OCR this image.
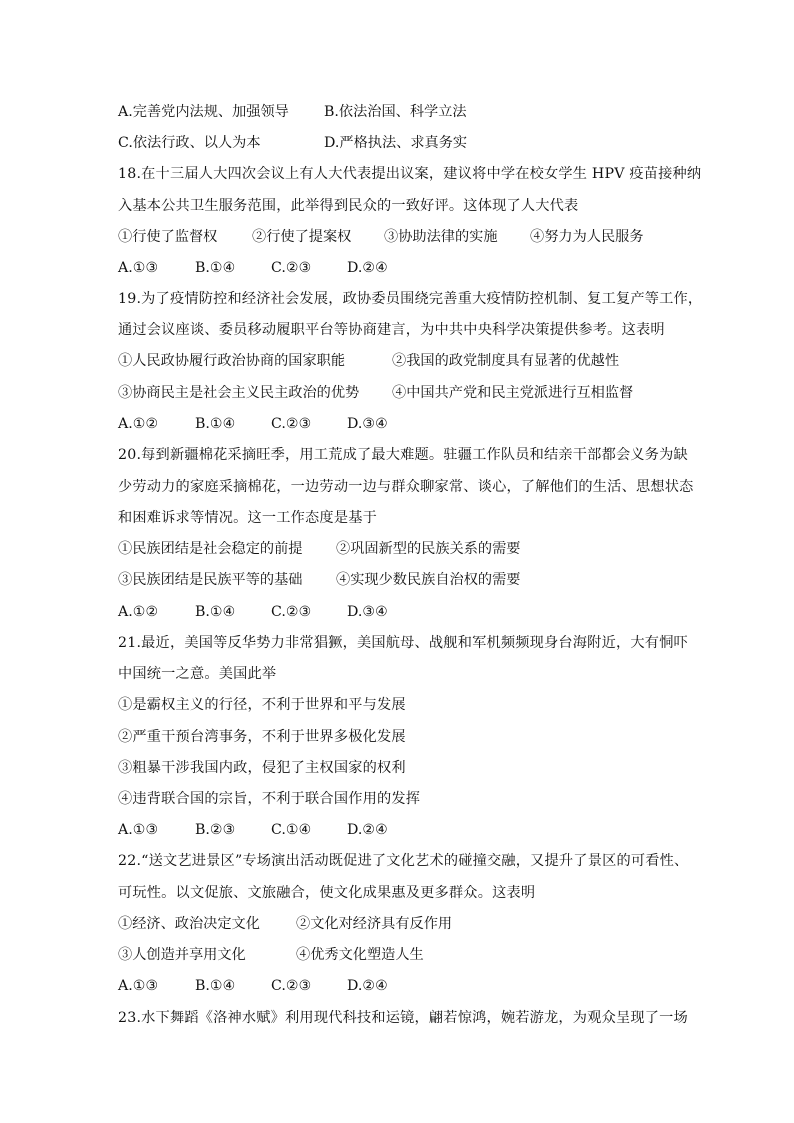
A.完善党内法规、加强领导 B.依法治国、科学立法
C.依法行政、以人为本	D.严格执法、求真务实
18.在十三届人大四次会议上有人大代表提出议案，建议将中学在校女学生 HPV 疫苗接种纳
入基本公共卫生服务范围，此举得到民众的一致好评。这体现了人大代表
①行使了监督权 ②行使了提案权 ③协助法律的实施 ④努力为人民服务
A.①③	B.①④	C.②③	D.②④
19.为了疫情防控和经济社会发展，政协委员围绕完善重大疫情防控机制、复工复产等工作，
通过会议座谈、委员移动履职平台等协商建言，为中共中央科学决策提供参考。这表明
①人民政协履行政治协商的国家职能	②我国的政党制度具有显著的优越性
③协商民主是社会主义民主政治的优势 ④中国共产党和民主党派进行互相监督
A.①②	B.①④	C.②③	D.③④
20.每到新疆棉花采摘旺季，用工荒成了最大难题。驻疆工作队员和结亲干部都会义务为缺
少劳动力的家庭采摘棉花，一边劳动一边与群众聊家常、谈心，了解他们的生活、思想状态
和困难诉求等情况。这一工作态度是基于
①民族团结是社会稳定的前提 ②巩固新型的民族关系的需要
③民族团结是民族平等的基础 ④实现少数民族自治权的需要
A.①②	B.①④	C.②③	D.③④
21.最近，美国等反华势力非常猖獗，美国航母、战舰和军机频频现身台海附近，大有恫吓
中国统一之意。美国此举
①是霸权主义的行径，不利于世界和平与发展
②严重干预台湾事务，不利于世界多极化发展
③粗暴干涉我国内政，侵犯了主权国家的权利
④违背联合国的宗旨，不利于联合国作用的发挥
A.①③	B.②③	C.①④	D.②④
22.“送文艺进景区”专场演出活动既促进了文化艺术的碰撞交融，又提升了景区的可看性、
可玩性。以文促旅、文旅融合，使文化成果惠及更多群众。这表明
①经济、政治决定文化	②文化对经济具有反作用
③人创造并享用文化	④优秀文化塑造人生
A.①③	B.①④	C.②③	D.②④
23.水下舞蹈《洛神水赋》利用现代科技和运镜，翩若惊鸿，婉若游龙，为观众呈现了一场
